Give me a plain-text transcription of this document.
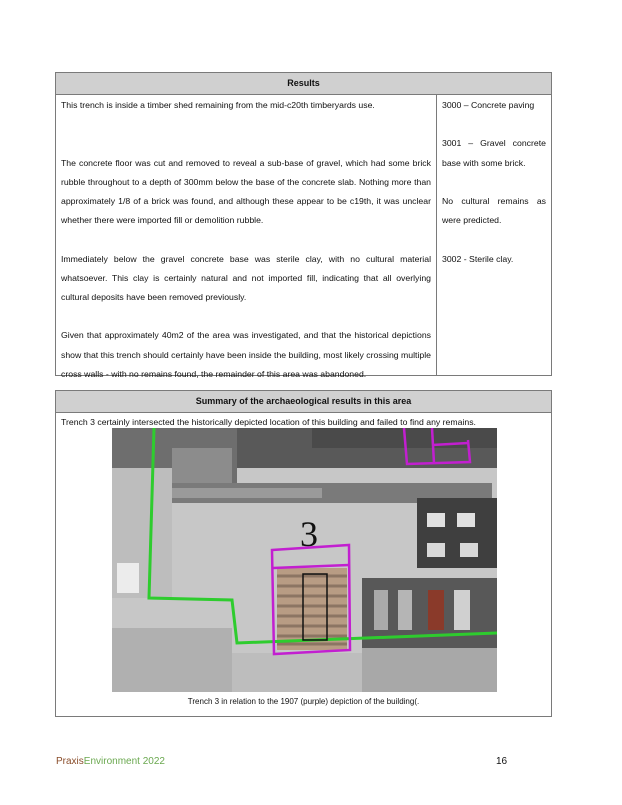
Results

This trench is inside a timber shed remaining from the mid-c20th timberyards use.

The concrete floor was cut and removed to reveal a sub-base of gravel, which had some brick rubble throughout to a depth of 300mm below the base of the concrete slab. Nothing more than approximately 1/8 of a brick was found, and although these appear to be c19th, it was unclear whether there were imported fill or demolition rubble.

Immediately below the gravel concrete base was sterile clay, with no cultural material whatsoever. This clay is certainly natural and not imported fill, indicating that all overlying cultural deposits have been removed previously.

Given that approximately 40m2 of the area was investigated, and that the historical depictions show that this trench should certainly have been inside the building, most likely crossing multiple cross walls - with no remains found, the remainder of this area was abandoned.

3000 – Concrete paving

3001 – Gravel concrete base with some brick.

No cultural remains as were predicted.

3002 - Sterile clay.

Summary of the archaeological results in this area
Trench 3 certainly intersected the historically depicted location of this building and failed to find any remains.
3
Trench 3 in relation to the 1907 (purple) depiction of the building(.
PraxisEnvironment 2022	16
